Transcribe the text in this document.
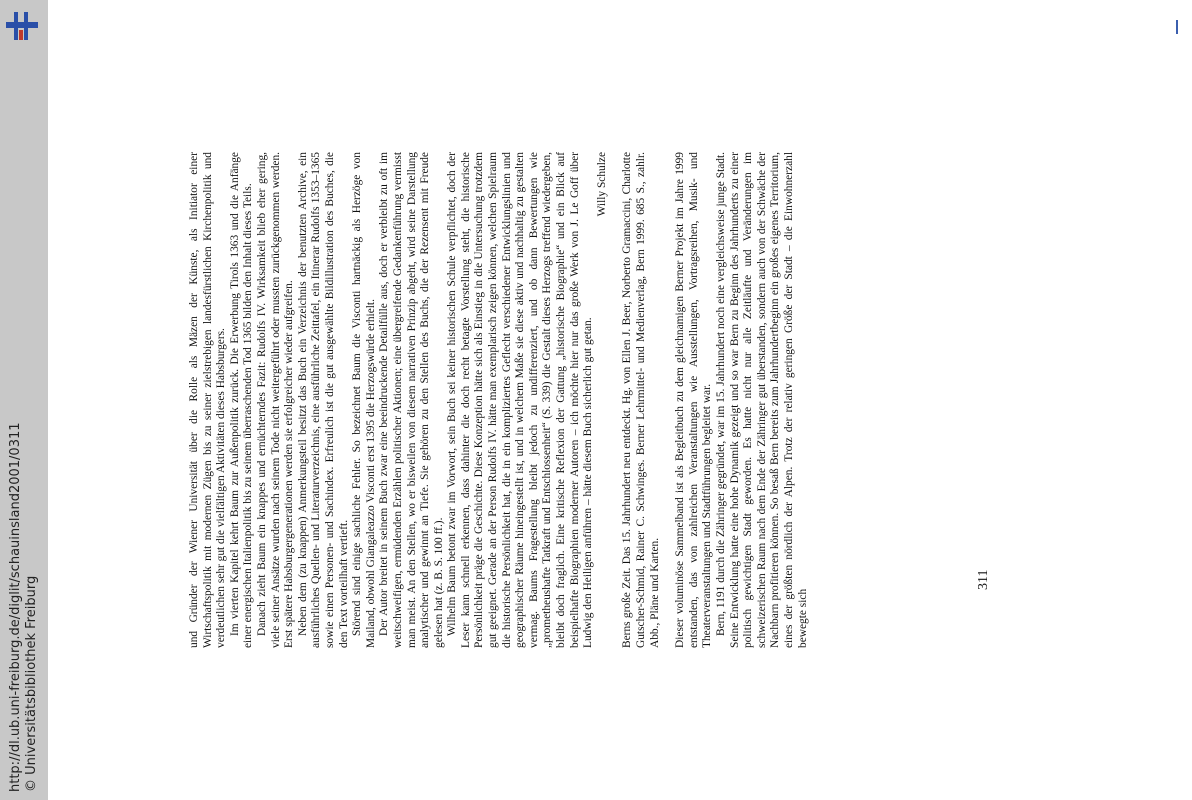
http://dl.ub.uni-freiburg.de/diglit/schauinsland2001/0311 © Universitätsbibliothek Freiburg

und Gründer der Wiener Universität über die Rolle als Mäzen der Künste, als Initiator einer Wirtschaftspolitik mit modernen Zügen bis zu seiner zielstrebigen landesfürstlichen Kirchenpolitik und verdeutlichen sehr gut die vielfältigen Aktivitäten dieses Habsburgers. Im vierten Kapitel kehrt Baum zur Außenpolitik zurück. Die Erwerbung Tirols 1363 und die Anfänge einer energischen Italienpolitik bis zu seinem überraschenden Tod 1365 bilden den Inhalt dieses Teils. Danach zieht Baum ein knappes und ernüchterndes Fazit: Rudolfs IV. Wirksamkeit blieb eher gering, viele seiner Ansätze wurden nach seinem Tode nicht weitergeführt oder mussten zurückgenommen werden. Erst spätere Habsburgergenerationen werden sie erfolgreicher wieder aufgreifen. Neben dem (zu knappen) Anmerkungsteil besitzt das Buch ein Verzeichnis der benutzten Archive, ein ausführliches Quellen- und Literaturverzeichnis, eine ausführliche Zeittafel, ein Itinerar Rudolfs 1353–1365 sowie einen Personen- und Sachindex. Erfreulich ist die gut ausgewählte Bildillustration des Buches, die den Text vorteilhaft vertieft. Störend sind einige sachliche Fehler. So bezeichnet Baum die Visconti hartnäckig als Herzöge von Mailand, obwohl Giangaleazzo Visconti erst 1395 die Herzogswürde erhielt. Der Autor breitet in seinem Buch zwar eine beeindruckende Detailfülle aus, doch er verbleibt zu oft im weitschweifigen, ermüdenden Erzählen politischer Aktionen; eine übergreifende Gedankenführung vermisst man meist. An den Stellen, wo er bisweilen von diesem narrativen Prinzip abgeht, wird seine Darstellung analytischer und gewinnt an Tiefe. Sie gehören zu den Stellen des Buchs, die der Rezensent mit Freude gelesen hat (z. B. S. 100 ff.). Wilhelm Baum betont zwar im Vorwort, sein Buch sei keiner historischen Schule verpflichtet, doch der Leser kann schnell erkennen, dass dahinter die doch recht betagte Vorstellung steht, die historische Persönlichkeit präge die Geschichte. Diese Konzeption hätte sich als Einstieg in die Untersuchung trotzdem gut geeignet. Gerade an der Person Rudolfs IV. hätte man exemplarisch zeigen können, welchen Spielraum die historische Persönlichkeit hat, die in ein kompliziertes Geflecht verschiedener Entwicklungslinien und geographischer Räume hineingestellt ist, und in welchem Maße sie diese aktiv und nachhaltig zu gestalten vermag. Baums Fragestellung bleibt jedoch zu undifferenziert, und ob dann Bewertungen wie „prometheushafte Tatkraft und Entschlossenheit“ (S. 339) die Gestalt dieses Herzogs treffend wiedergeben, bleibt doch fraglich. Eine kritische Reflexion der Gattung „historische Biographie“ und ein Blick auf beispielhafte Biographien moderner Autoren – ich möchte hier nur das große Werk von J. Le Goff über Ludwig den Heiligen anführen – hätte diesem Buch sicherlich gut getan.

Willy Schulze Berns große Zeit. Das 15. Jahrhundert neu entdeckt. Hg. von Ellen J. Beer, Norberto Gramaccini, Charlotte Gutscher-Schmid, Rainer C. Schwinges. Berner Lehrmittel- und Medienverlag, Bern 1999. 685 S., zahlr. Abb., Pläne und Karten. Dieser voluminöse Sammelband ist als Begleitbuch zu dem gleichnamigen Berner Projekt im Jahre 1999 entstanden, das von zahlreichen Veranstaltungen wie Ausstellungen, Vortragsreihen, Musik- und Theaterveranstaltungen und Stadtführungen begleitet war. Bern, 1191 durch die Zähringer gegründet, war im 15. Jahrhundert noch eine vergleichsweise junge Stadt. Seine Entwicklung hatte eine hohe Dynamik gezeigt und so war Bern zu Beginn des Jahrhunderts zu einer politisch gewichtigen Stadt geworden. Es hatte nicht nur alle Zeitläufte und Veränderungen im schweizerischen Raum nach dem Ende der Zähringer gut überstanden, sondern auch von der Schwäche der Nachbarn profitieren können. So besaß Bern bereits zum Jahrhundertbeginn ein großes eigenes Territorium, eines der größten nördlich der Alpen. Trotz der relativ geringen Größe der Stadt – die Einwohnerzahl bewegte sich

311
